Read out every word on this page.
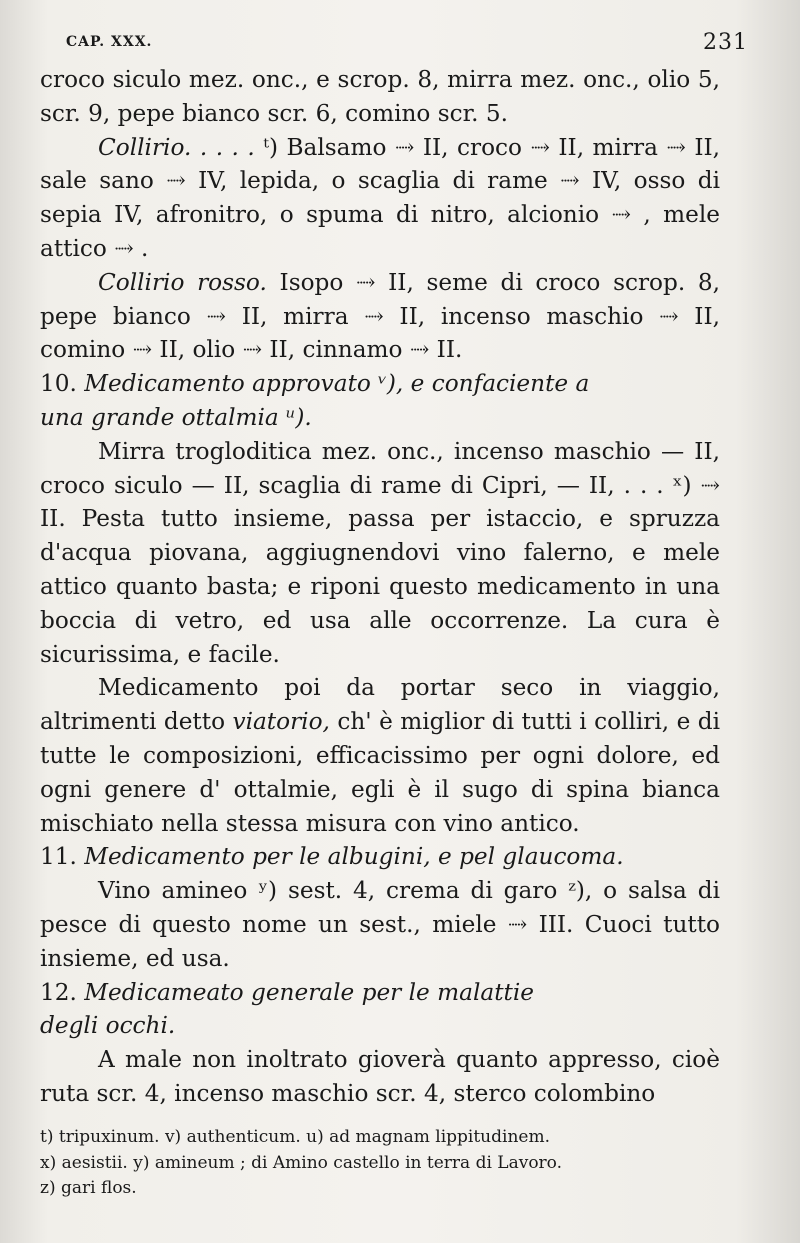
CAP. XXX.	231

croco siculo mez. onc., e scrop. 8, mirra mez. onc., olio 5, scr. 9, pepe bianco scr. 6, comino scr. 5.

Collirio. . . . . ᵗ) Balsamo ⤑ II, croco ⤑ II, mirra ⤑ II, sale sano ⤑ IV, lepida, o scaglia di rame ⤑ IV, osso di sepia IV, afronitro, o spuma di nitro, alcionio ⤑ , mele attico ⤑ .

Collirio rosso. Isopo ⤑ II, seme di croco scrop. 8, pepe bianco ⤑ II, mirra ⤑ II, incenso maschio ⤑ II, comino ⤑ II, olio ⤑ II, cinnamo ⤑ II.

10. Medicamento approvato ᵛ), e confaciente a

una grande ottalmia ᵘ).

Mirra trogloditica mez. onc., incenso maschio — II, croco siculo — II, scaglia di rame di Cipri, — II, . . . ˣ) ⤑ II. Pesta tutto insieme, passa per istaccio, e spruzza d'acqua piovana, aggiugnendovi vino falerno, e mele attico quanto basta; e riponi questo medicamento in una boccia di vetro, ed usa alle occorrenze. La cura è sicurissima, e facile.

Medicamento poi da portar seco in viaggio, altrimenti detto viatorio, ch' è miglior di tutti i colliri, e di tutte le composizioni, efficacissimo per ogni dolore, ed ogni genere d' ottalmie, egli è il sugo di spina bianca mischiato nella stessa misura con vino antico.

11. Medicamento per le albugini, e pel glaucoma.

Vino amineo ʸ) sest. 4, crema di garo ᶻ), o salsa di pesce di questo nome un sest., miele ⤑ III. Cuoci tutto insieme, ed usa.

12. Medicameato generale per le malattie

degli occhi.

A male non inoltrato gioverà quanto appresso, cioè ruta scr. 4, incenso maschio scr. 4, sterco colombino

t) tripuxinum. v) authenticum. u) ad magnam lippitudinem.

x) aesistii. y) amineum ; di Amino castello in terra di Lavoro.

z) gari flos.
